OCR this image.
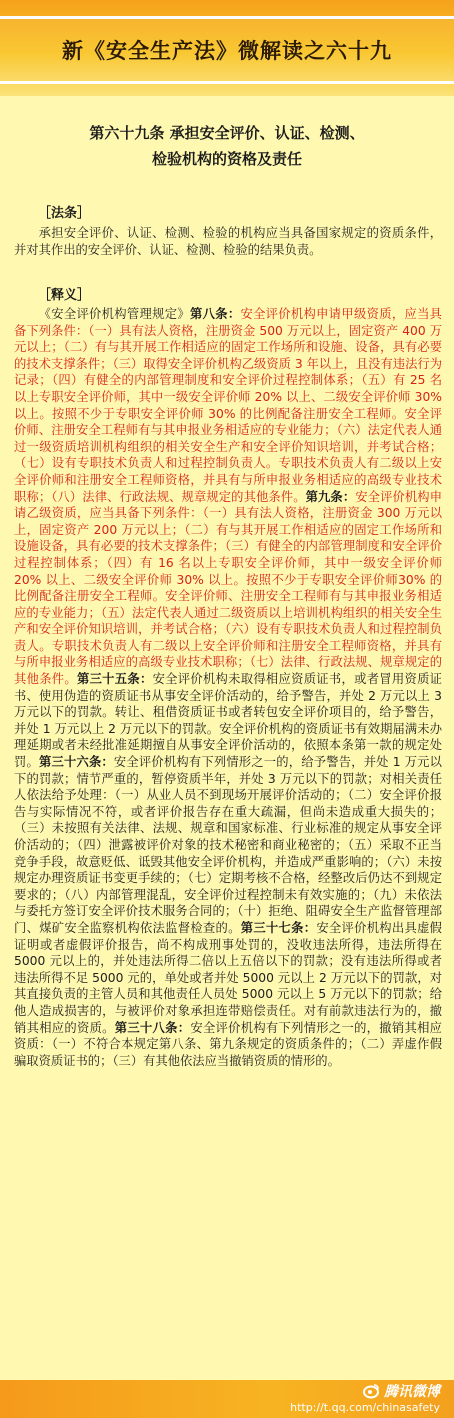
新《安全生产法》微解读之六十九
第六十九条 承担安全评价、认证、检测、
检验机构的资格及责任
［法条］

承担安全评价、认证、检测、检验的机构应当具备国家规定的资质条件，并对其作出的安全评价、认证、检测、检验的结果负责。

［释义］

《安全评价机构管理规定》第八条：安全评价机构申请甲级资质，应当具备下列条件：（一）具有法人资格，注册资金 500 万元以上，固定资产 400 万元以上；（二）有与其开展工作相适应的固定工作场所和设施、设备，具有必要的技术支撑条件；（三）取得安全评价机构乙级资质 3 年以上，且没有违法行为记录；（四）有健全的内部管理制度和安全评价过程控制体系；（五）有 25 名以上专职安全评价师，其中一级安全评价师 20% 以上、二级安全评价师 30% 以上。按照不少于专职安全评价师 30% 的比例配备注册安全工程师。安全评价师、注册安全工程师有与其申报业务相适应的专业能力；（六）法定代表人通过一级资质培训机构组织的相关安全生产和安全评价知识培训，并考试合格；（七）设有专职技术负责人和过程控制负责人。专职技术负责人有二级以上安全评价师和注册安全工程师资格，并具有与所申报业务相适应的高级专业技术职称；（八）法律、行政法规、规章规定的其他条件。第九条：安全评价机构申请乙级资质，应当具备下列条件：（一）具有法人资格，注册资金 300 万元以上，固定资产 200 万元以上；（二）有与其开展工作相适应的固定工作场所和设施设备，具有必要的技术支撑条件；（三）有健全的内部管理制度和安全评价过程控制体系；（四）有 16 名以上专职安全评价师，其中一级安全评价师 20% 以上、二级安全评价师 30% 以上。按照不少于专职安全评价师30% 的比例配备注册安全工程师。安全评价师、注册安全工程师有与其申报业务相适应的专业能力；（五）法定代表人通过二级资质以上培训机构组织的相关安全生产和安全评价知识培训，并考试合格；（六）设有专职技术负责人和过程控制负责人。专职技术负责人有二级以上安全评价师和注册安全工程师资格，并具有与所申报业务相适应的高级专业技术职称；（七）法律、行政法规、规章规定的其他条件。第三十五条：安全评价机构未取得相应资质证书，或者冒用资质证书、使用伪造的资质证书从事安全评价活动的，给予警告，并处 2 万元以上 3 万元以下的罚款。转让、租借资质证书或者转包安全评价项目的，给予警告，并处 1 万元以上 2 万元以下的罚款。安全评价机构的资质证书有效期届满未办理延期或者未经批准延期擅自从事安全评价活动的，依照本条第一款的规定处罚。第三十六条：安全评价机构有下列情形之一的，给予警告，并处 1 万元以下的罚款；情节严重的，暂停资质半年，并处 3 万元以下的罚款；对相关责任人依法给予处理：（一）从业人员不到现场开展评价活动的；（二）安全评价报告与实际情况不符，或者评价报告存在重大疏漏，但尚未造成重大损失的；（三）未按照有关法律、法规、规章和国家标准、行业标准的规定从事安全评价活动的；（四）泄露被评价对象的技术秘密和商业秘密的；（五）采取不正当竞争手段，故意贬低、诋毁其他安全评价机构，并造成严重影响的；（六）未按规定办理资质证书变更手续的；（七）定期考核不合格，经整改后仍达不到规定要求的；（八）内部管理混乱，安全评价过程控制未有效实施的；（九）未依法与委托方签订安全评价技术服务合同的；（十）拒绝、阻碍安全生产监督管理部门、煤矿安全监察机构依法监督检查的。第三十七条：安全评价机构出具虚假证明或者虚假评价报告，尚不构成刑事处罚的，没收违法所得，违法所得在 5000 元以上的，并处违法所得二倍以上五倍以下的罚款；没有违法所得或者违法所得不足 5000 元的，单处或者并处 5000 元以上 2 万元以下的罚款，对其直接负责的主管人员和其他责任人员处 5000 元以上 5 万元以下的罚款；给他人造成损害的，与被评价对象承担连带赔偿责任。对有前款违法行为的，撤销其相应的资质。第三十八条：安全评价机构有下列情形之一的，撤销其相应资质：（一）不符合本规定第八条、第九条规定的资质条件的；（二）弄虚作假骗取资质证书的；（三）有其他依法应当撤销资质的情形的。

腾讯微博
http://t.qq.com/chinasafety
